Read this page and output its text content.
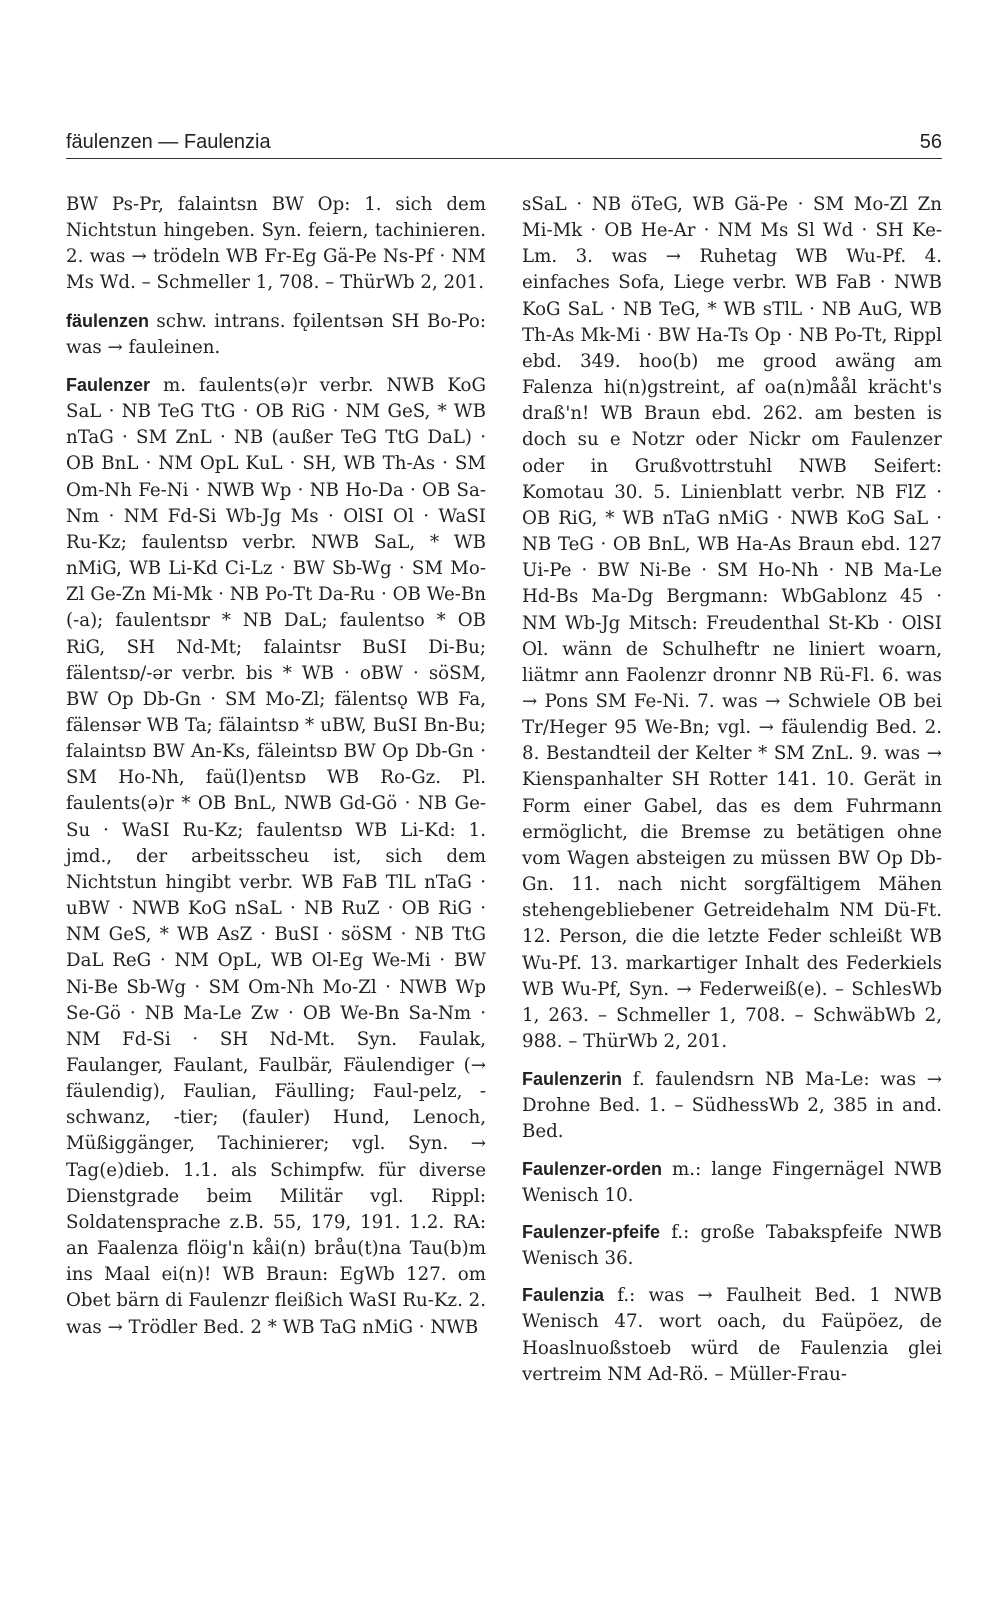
fäulenzen — Faulenzia	56

BW Ps-Pr, falaintsn BW Op: 1. sich dem Nichtstun hingeben. Syn. feiern, tachinieren. 2. was → trödeln WB Fr-Eg Gä-Pe Ns-Pf · NM Ms Wd. – Schmeller 1, 708. – ThürWb 2, 201.

fäulenzen schw. intrans. fǫilentsən SH Bo-Po: was → fauleinen.

Faulenzer m. faulents(ə)r verbr. NWB KoG SaL · NB TeG TtG · OB RiG · NM GeS, * WB nTaG · SM ZnL · NB (außer TeG TtG DaL) · OB BnL · NM OpL KuL · SH, WB Th-As · SM Om-Nh Fe-Ni · NWB Wp · NB Ho-Da · OB Sa-Nm · NM Fd-Si Wb-Jg Ms · OlSI Ol · WaSI Ru-Kz; faulentsɒ verbr. NWB SaL, * WB nMiG, WB Li-Kd Ci-Lz · BW Sb-Wg · SM Mo-Zl Ge-Zn Mi-Mk · NB Po-Tt Da-Ru · OB We-Bn (-a); faulentsɒr * NB DaL; faulentso * OB RiG, SH Nd-Mt; falaintsr BuSI Di-Bu; fälentsɒ/-ər verbr. bis * WB · oBW · söSM, BW Op Db-Gn · SM Mo-Zl; fälentsǫ WB Fa, fälensər WB Ta; fälaintsɒ * uBW, BuSI Bn-Bu; falaintsɒ BW An-Ks, fäleintsɒ BW Op Db-Gn · SM Ho-Nh, faü(l)entsɒ WB Ro-Gz. Pl. faulents(ə)r * OB BnL, NWB Gd-Gö · NB Ge-Su · WaSI Ru-Kz; faulentsɒ WB Li-Kd: 1. jmd., der arbeitsscheu ist, sich dem Nichtstun hingibt verbr. WB FaB TlL nTaG · uBW · NWB KoG nSaL · NB RuZ · OB RiG · NM GeS, * WB AsZ · BuSI · söSM · NB TtG DaL ReG · NM OpL, WB Ol-Eg We-Mi · BW Ni-Be Sb-Wg · SM Om-Nh Mo-Zl · NWB Wp Se-Gö · NB Ma-Le Zw · OB We-Bn Sa-Nm · NM Fd-Si · SH Nd-Mt. Syn. Faulak, Faulanger, Faulant, Faulbär, Fäulendiger (→ fäulendig), Faulian, Fäulling; Faul-pelz, -schwanz, -tier; (fauler) Hund, Lenoch, Müßiggänger, Tachinierer; vgl. Syn. → Tag(e)dieb. 1.1. als Schimpfw. für diverse Dienstgrade beim Militär vgl. Rippl: Soldatensprache z.B. 55, 179, 191. 1.2. RA: an Faalenza flöig'n kåi(n) bråu(t)na Tau(b)m ins Maal ei(n)! WB Braun: EgWb 127. om Obet bärn di Faulenzr fleißich WaSI Ru-Kz. 2. was → Trödler Bed. 2 * WB TaG nMiG · NWB

sSaL · NB öTeG, WB Gä-Pe · SM Mo-Zl Zn Mi-Mk · OB He-Ar · NM Ms Sl Wd · SH Ke-Lm. 3. was → Ruhetag WB Wu-Pf. 4. einfaches Sofa, Liege verbr. WB FaB · NWB KoG SaL · NB TeG, * WB sTlL · NB AuG, WB Th-As Mk-Mi · BW Ha-Ts Op · NB Po-Tt, Rippl ebd. 349. hoo(b) me grood awäng am Falenza hi(n)gstreint, af oa(n)måål krächt's draß'n! WB Braun ebd. 262. am besten is doch su e Notzr oder Nickr om Faulenzer oder in Grußvottrstuhl NWB Seifert: Komotau 30. 5. Linienblatt verbr. NB FlZ · OB RiG, * WB nTaG nMiG · NWB KoG SaL · NB TeG · OB BnL, WB Ha-As Braun ebd. 127 Ui-Pe · BW Ni-Be · SM Ho-Nh · NB Ma-Le Hd-Bs Ma-Dg Bergmann: WbGablonz 45 · NM Wb-Jg Mitsch: Freudenthal St-Kb · OlSI Ol. wänn de Schulheftr ne liniert woarn, liätmr ann Faolenzr dronnr NB Rü-Fl. 6. was → Pons SM Fe-Ni. 7. was → Schwiele OB bei Tr/Heger 95 We-Bn; vgl. → fäulendig Bed. 2. 8. Bestandteil der Kelter * SM ZnL. 9. was → Kienspanhalter SH Rotter 141. 10. Gerät in Form einer Gabel, das es dem Fuhrmann ermöglicht, die Bremse zu betätigen ohne vom Wagen absteigen zu müssen BW Op Db-Gn. 11. nach nicht sorgfältigem Mähen stehengebliebener Getreidehalm NM Dü-Ft. 12. Person, die die letzte Feder schleißt WB Wu-Pf. 13. markartiger Inhalt des Federkiels WB Wu-Pf, Syn. → Federweiß(e). – SchlesWb 1, 263. – Schmeller 1, 708. – SchwäbWb 2, 988. – ThürWb 2, 201.

Faulenzerin f. faulendsrn NB Ma-Le: was → Drohne Bed. 1. – SüdhessWb 2, 385 in and. Bed.

Faulenzer-orden m.: lange Fingernägel NWB Wenisch 10.

Faulenzer-pfeife f.: große Tabakspfeife NWB Wenisch 36.

Faulenzia f.: was → Faulheit Bed. 1 NWB Wenisch 47. wort oach, du Faüpöez, de Hoaslnuoßstoeb würd de Faulenzia glei vertreim NM Ad-Rö. – Müller-Frau-
